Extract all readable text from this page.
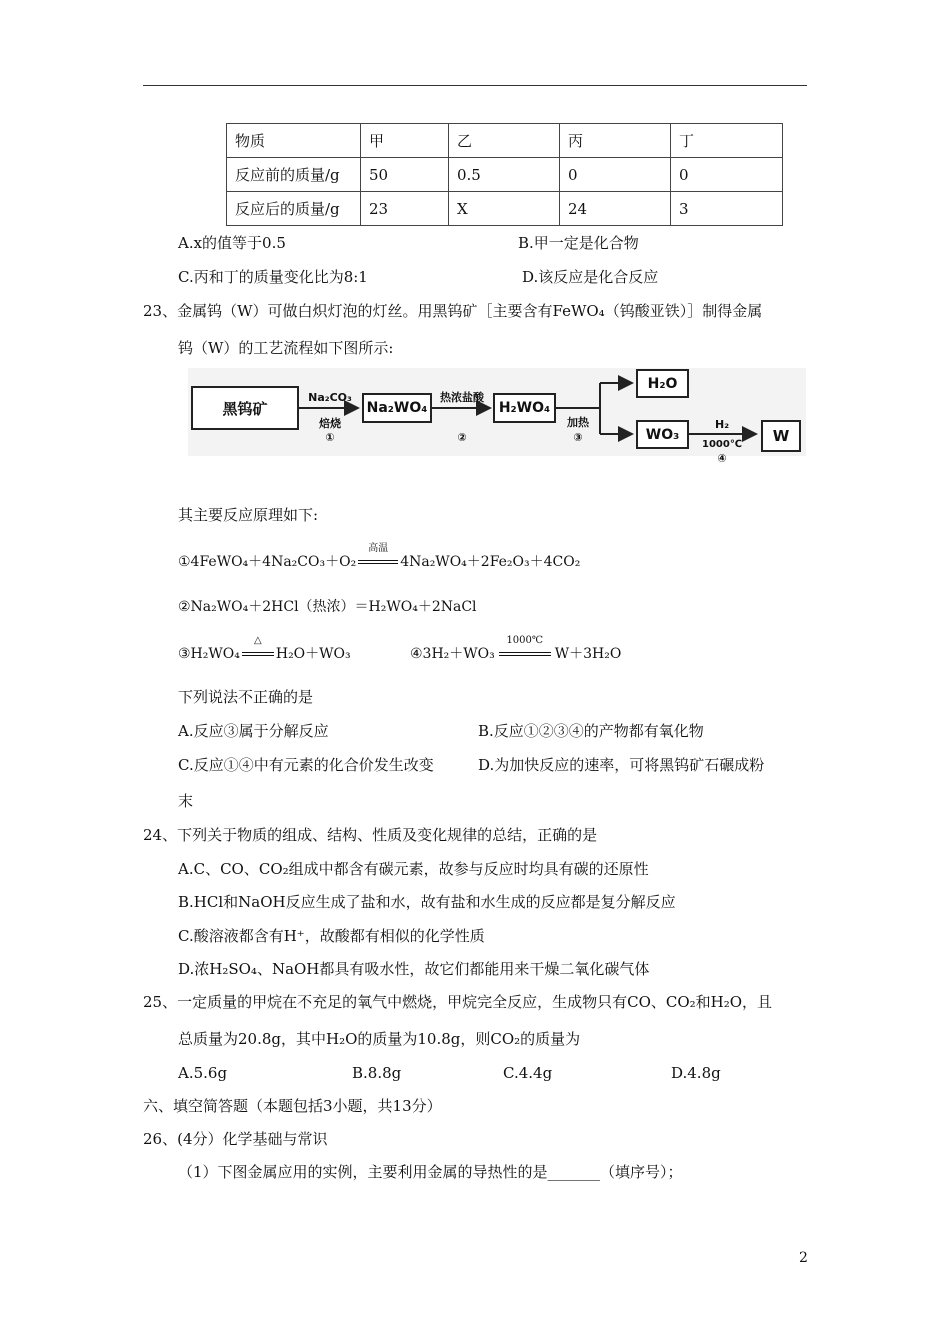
物质	甲	乙	丙	丁
反应前的质量/g	50	0.5	0	0
反应后的质量/g	23	X	24	3
A.x的值等于0.5	B.甲一定是化合物
C.丙和丁的质量变化比为8:1	D.该反应是化合反应
23、金属钨（W）可做白炽灯泡的灯丝。用黑钨矿［主要含有FeWO₄（钨酸亚铁）］制得金属
钨（W）的工艺流程如下图所示:
黑钨矿	Na₂WO₄	H₂WO₄
H₂O
WO₃	W
Na₂CO₃
焙烧
①
热浓盐酸
②
加热
③
H₂
1000℃
④
其主要反应原理如下:
①4FeWO₄＋4Na₂CO₃＋O₂
高温
4Na₂WO₄＋2Fe₂O₃＋4CO₂
②Na₂WO₄＋2HCl（热浓）＝H₂WO₄＋2NaCl
③H₂WO₄
△
H₂O＋WO₃	④3H₂＋WO₃
1000℃
W＋3H₂O
下列说法不正确的是
A.反应③属于分解反应	B.反应①②③④的产物都有氧化物
C.反应①④中有元素的化合价发生改变	D.为加快反应的速率，可将黑钨矿石碾成粉
末
24、下列关于物质的组成、结构、性质及变化规律的总结，正确的是
A.C、CO、CO₂组成中都含有碳元素，故参与反应时均具有碳的还原性
B.HCl和NaOH反应生成了盐和水，故有盐和水生成的反应都是复分解反应
C.酸溶液都含有H⁺，故酸都有相似的化学性质
D.浓H₂SO₄、NaOH都具有吸水性，故它们都能用来干燥二氧化碳气体
25、一定质量的甲烷在不充足的氧气中燃烧，甲烷完全反应，生成物只有CO、CO₂和H₂O，且
总质量为20.8g，其中H₂O的质量为10.8g，则CO₂的质量为
A.5.6g	B.8.8g	C.4.4g	D.4.8g
六、填空简答题（本题包括3小题，共13分）
26、(4分）化学基础与常识
（1）下图金属应用的实例，主要利用金属的导热性的是_______（填序号）；
2
